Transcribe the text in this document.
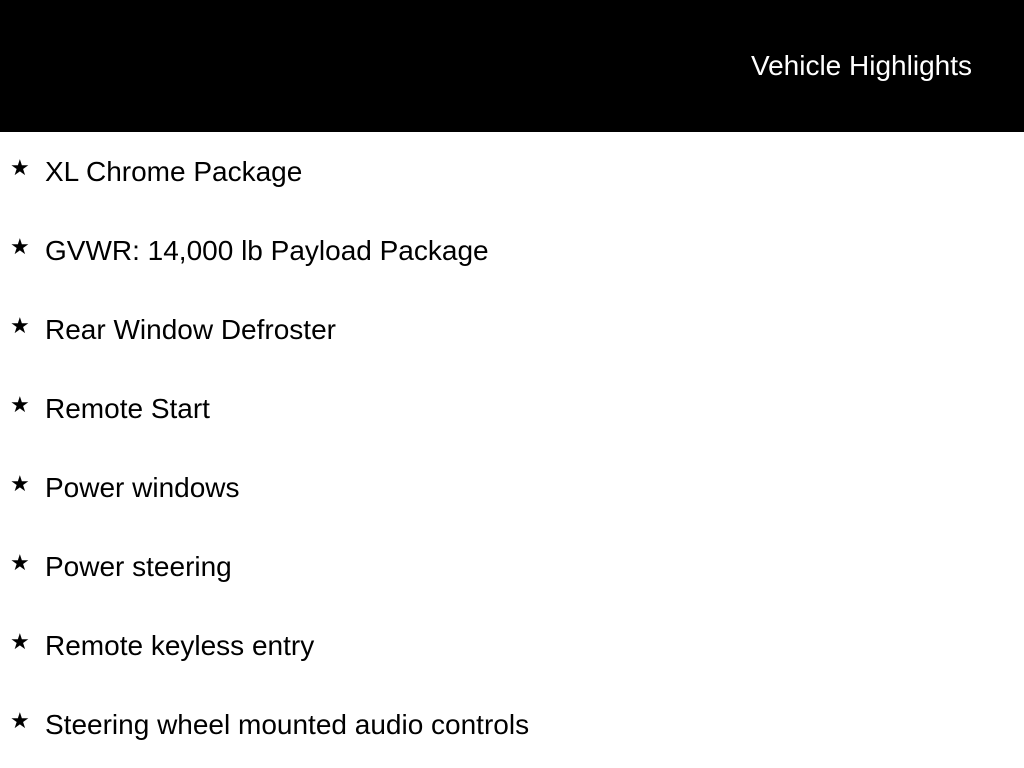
Vehicle Highlights
★ XL Chrome Package
★ GVWR: 14,000 lb Payload Package
★ Rear Window Defroster
★ Remote Start
★ Power windows
★ Power steering
★ Remote keyless entry
★ Steering wheel mounted audio controls
